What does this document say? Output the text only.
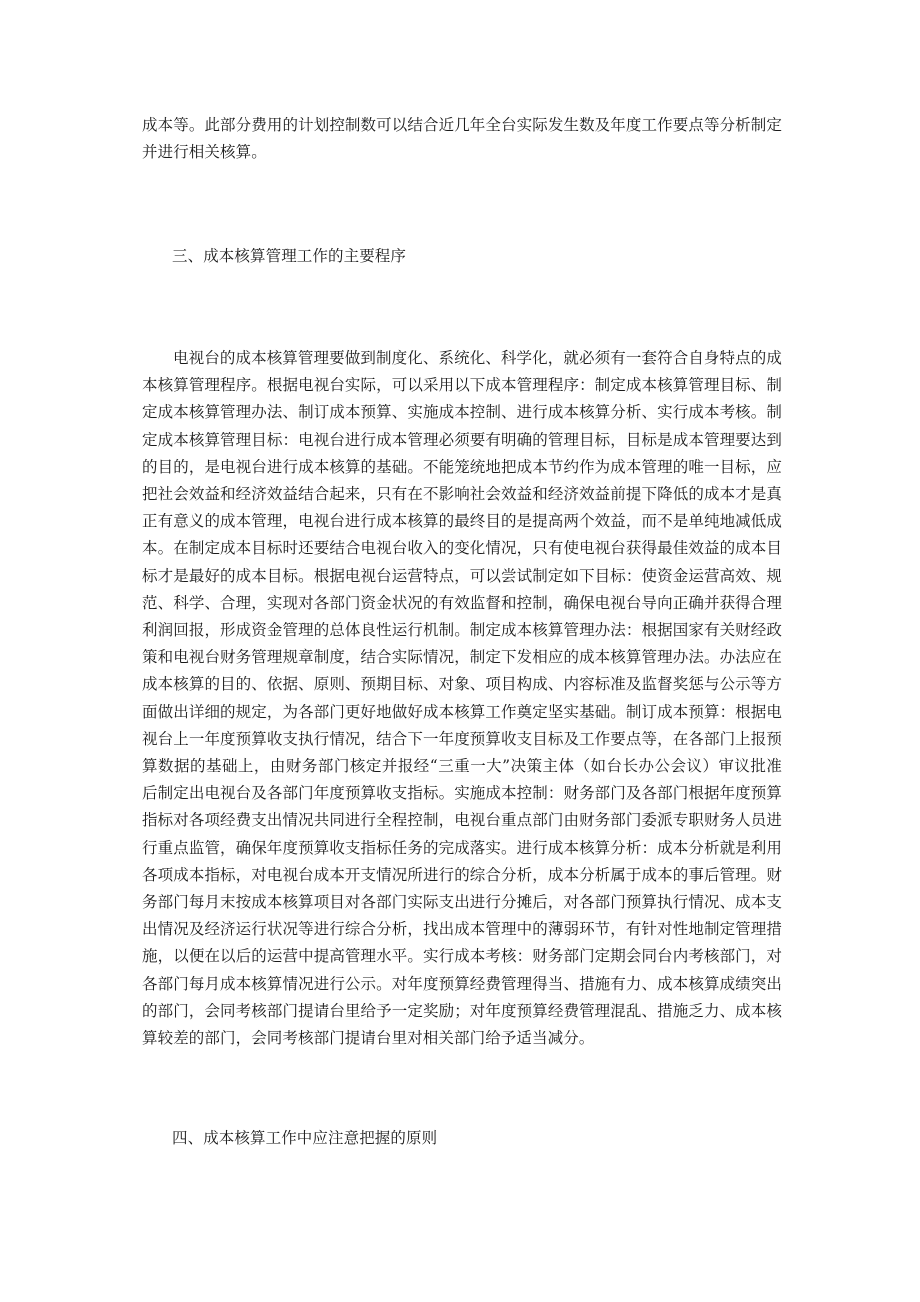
成本等。此部分费用的计划控制数可以结合近几年全台实际发生数及年度工作要点等分析制定并进行相关核算。

三、成本核算管理工作的主要程序

电视台的成本核算管理要做到制度化、系统化、科学化，就必须有一套符合自身特点的成本核算管理程序。根据电视台实际，可以采用以下成本管理程序：制定成本核算管理目标、制定成本核算管理办法、制订成本预算、实施成本控制、进行成本核算分析、实行成本考核。制定成本核算管理目标：电视台进行成本管理必须要有明确的管理目标，目标是成本管理要达到的目的，是电视台进行成本核算的基础。不能笼统地把成本节约作为成本管理的唯一目标，应把社会效益和经济效益结合起来，只有在不影响社会效益和经济效益前提下降低的成本才是真正有意义的成本管理，电视台进行成本核算的最终目的是提高两个效益，而不是单纯地减低成本。在制定成本目标时还要结合电视台收入的变化情况，只有使电视台获得最佳效益的成本目标才是最好的成本目标。根据电视台运营特点，可以尝试制定如下目标：使资金运营高效、规范、科学、合理，实现对各部门资金状况的有效监督和控制，确保电视台导向正确并获得合理利润回报，形成资金管理的总体良性运行机制。制定成本核算管理办法：根据国家有关财经政策和电视台财务管理规章制度，结合实际情况，制定下发相应的成本核算管理办法。办法应在成本核算的目的、依据、原则、预期目标、对象、项目构成、内容标准及监督奖惩与公示等方面做出详细的规定，为各部门更好地做好成本核算工作奠定坚实基础。制订成本预算：根据电视台上一年度预算收支执行情况，结合下一年度预算收支目标及工作要点等，在各部门上报预算数据的基础上，由财务部门核定并报经“三重一大”决策主体（如台长办公会议）审议批准后制定出电视台及各部门年度预算收支指标。实施成本控制：财务部门及各部门根据年度预算指标对各项经费支出情况共同进行全程控制，电视台重点部门由财务部门委派专职财务人员进行重点监管，确保年度预算收支指标任务的完成落实。进行成本核算分析：成本分析就是利用各项成本指标，对电视台成本开支情况所进行的综合分析，成本分析属于成本的事后管理。财务部门每月末按成本核算项目对各部门实际支出进行分摊后，对各部门预算执行情况、成本支出情况及经济运行状况等进行综合分析，找出成本管理中的薄弱环节，有针对性地制定管理措施，以便在以后的运营中提高管理水平。实行成本考核：财务部门定期会同台内考核部门，对各部门每月成本核算情况进行公示。对年度预算经费管理得当、措施有力、成本核算成绩突出的部门，会同考核部门提请台里给予一定奖励；对年度预算经费管理混乱、措施乏力、成本核算较差的部门，会同考核部门提请台里对相关部门给予适当减分。

四、成本核算工作中应注意把握的原则
